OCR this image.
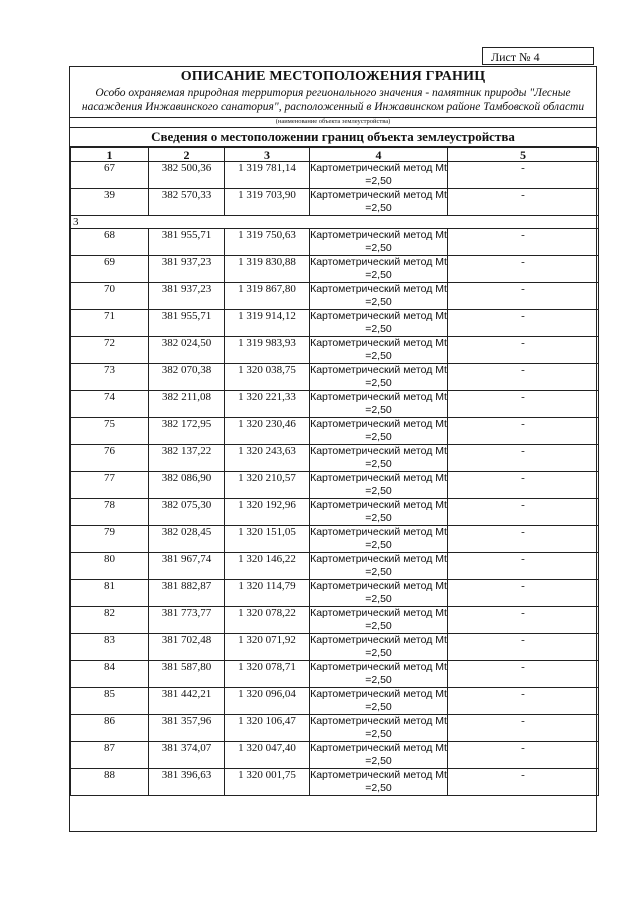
Лист № 4
ОПИСАНИЕ МЕСТОПОЛОЖЕНИЯ ГРАНИЦ
Особо охраняемая природная территория регионального значения - памятник природы "Лесные насаждения Инжавинского санатория", расположенный в Инжавинском районе Тамбовской области
(наименование объекта землеустройства)
Сведения о местоположении границ объекта землеустройства
1	2	3	4	5
67	382 500,36	1 319 781,14	Картометрический метод Mt =2,50	-
39	382 570,33	1 319 703,90	Картометрический метод Mt =2,50	-
3				
68	381 955,71	1 319 750,63	Картометрический метод Mt =2,50	-
69	381 937,23	1 319 830,88	Картометрический метод Mt =2,50	-
70	381 937,23	1 319 867,80	Картометрический метод Mt =2,50	-
71	381 955,71	1 319 914,12	Картометрический метод Mt =2,50	-
72	382 024,50	1 319 983,93	Картометрический метод Mt =2,50	-
73	382 070,38	1 320 038,75	Картометрический метод Mt =2,50	-
74	382 211,08	1 320 221,33	Картометрический метод Mt =2,50	-
75	382 172,95	1 320 230,46	Картометрический метод Mt =2,50	-
76	382 137,22	1 320 243,63	Картометрический метод Mt =2,50	-
77	382 086,90	1 320 210,57	Картометрический метод Mt =2,50	-
78	382 075,30	1 320 192,96	Картометрический метод Mt =2,50	-
79	382 028,45	1 320 151,05	Картометрический метод Mt =2,50	-
80	381 967,74	1 320 146,22	Картометрический метод Mt =2,50	-
81	381 882,87	1 320 114,79	Картометрический метод Mt =2,50	-
82	381 773,77	1 320 078,22	Картометрический метод Mt =2,50	-
83	381 702,48	1 320 071,92	Картометрический метод Mt =2,50	-
84	381 587,80	1 320 078,71	Картометрический метод Mt =2,50	-
85	381 442,21	1 320 096,04	Картометрический метод Mt =2,50	-
86	381 357,96	1 320 106,47	Картометрический метод Mt =2,50	-
87	381 374,07	1 320 047,40	Картометрический метод Mt =2,50	-
88	381 396,63	1 320 001,75	Картометрический метод Mt =2,50	-
